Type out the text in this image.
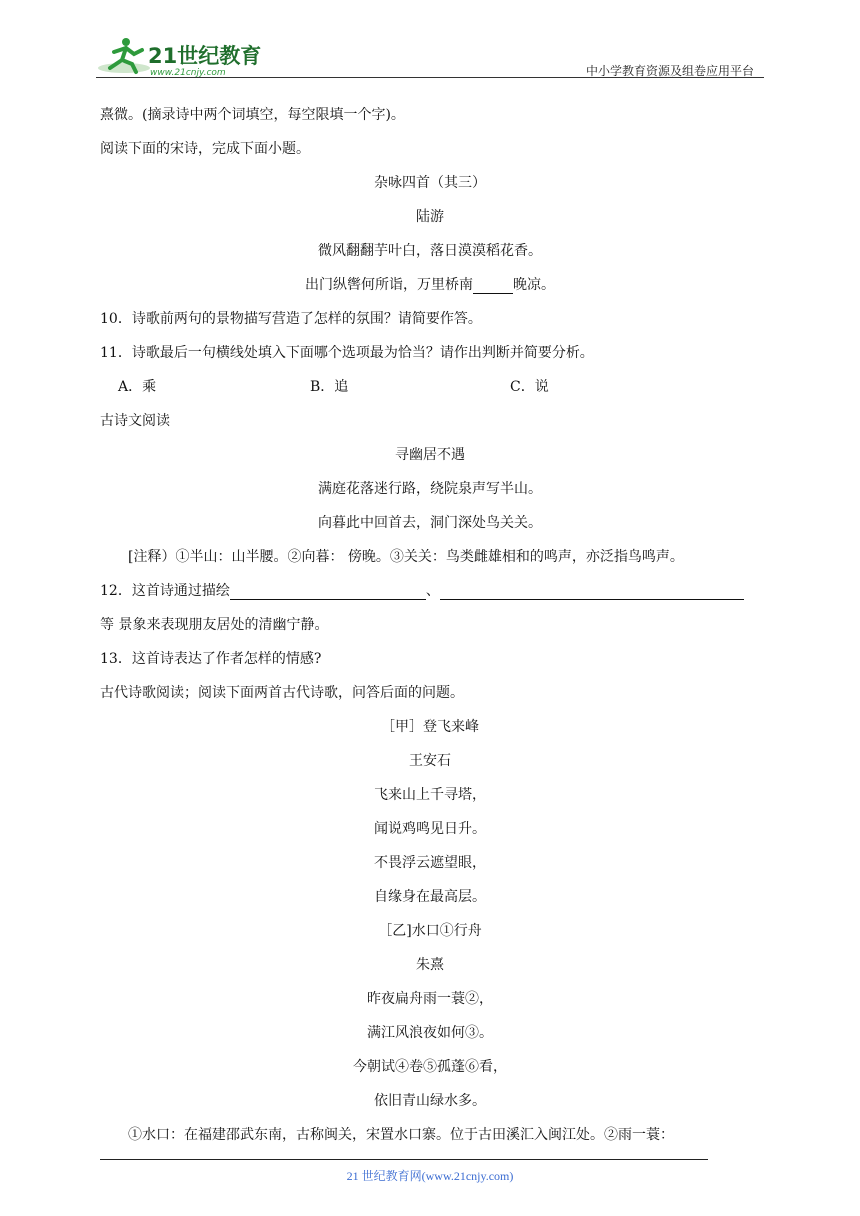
21世纪教育
www.21cnjy.com	中小学教育资源及组卷应用平台
熹微。(摘录诗中两个词填空，每空限填一个字)。
阅读下面的宋诗，完成下面小题。
杂咏四首（其三）
陆游
微风翻翻芋叶白，落日漠漠稻花香。
出门纵辔何所诣，万里桥南	晚凉。
10．诗歌前两句的景物描写营造了怎样的氛围？请简要作答。
11．诗歌最后一句横线处填入下面哪个选项最为恰当？请作出判断并简要分析。
A．乘	B．追	C．说
古诗文阅读
寻幽居不遇
满庭花落迷行路，绕院泉声写半山。
向暮此中回首去，洞门深处鸟关关。
[注释）①半山：山半腰。②向暮： 傍晚。③关关：鸟类雌雄相和的鸣声，亦泛指鸟鸣声。
12．这首诗通过描绘	、
等 景象来表现朋友居处的清幽宁静。
13．这首诗表达了作者怎样的情感?
古代诗歌阅读；阅读下面两首古代诗歌，问答后面的问题。
［甲］登飞来峰
王安石
飞来山上千寻塔，
闻说鸡鸣见日升。
不畏浮云遮望眼，
自缘身在最高层。
［乙]水口①行舟
朱熹
昨夜扁舟雨一蓑②，
满江风浪夜如何③。
今朝试④卷⑤孤蓬⑥看，
依旧青山绿水多。
①水口：在福建邵武东南，古称闽关，宋置水口寨。位于古田溪汇入闽江处。②雨一蓑：
21 世纪教育网(www.21cnjy.com)
